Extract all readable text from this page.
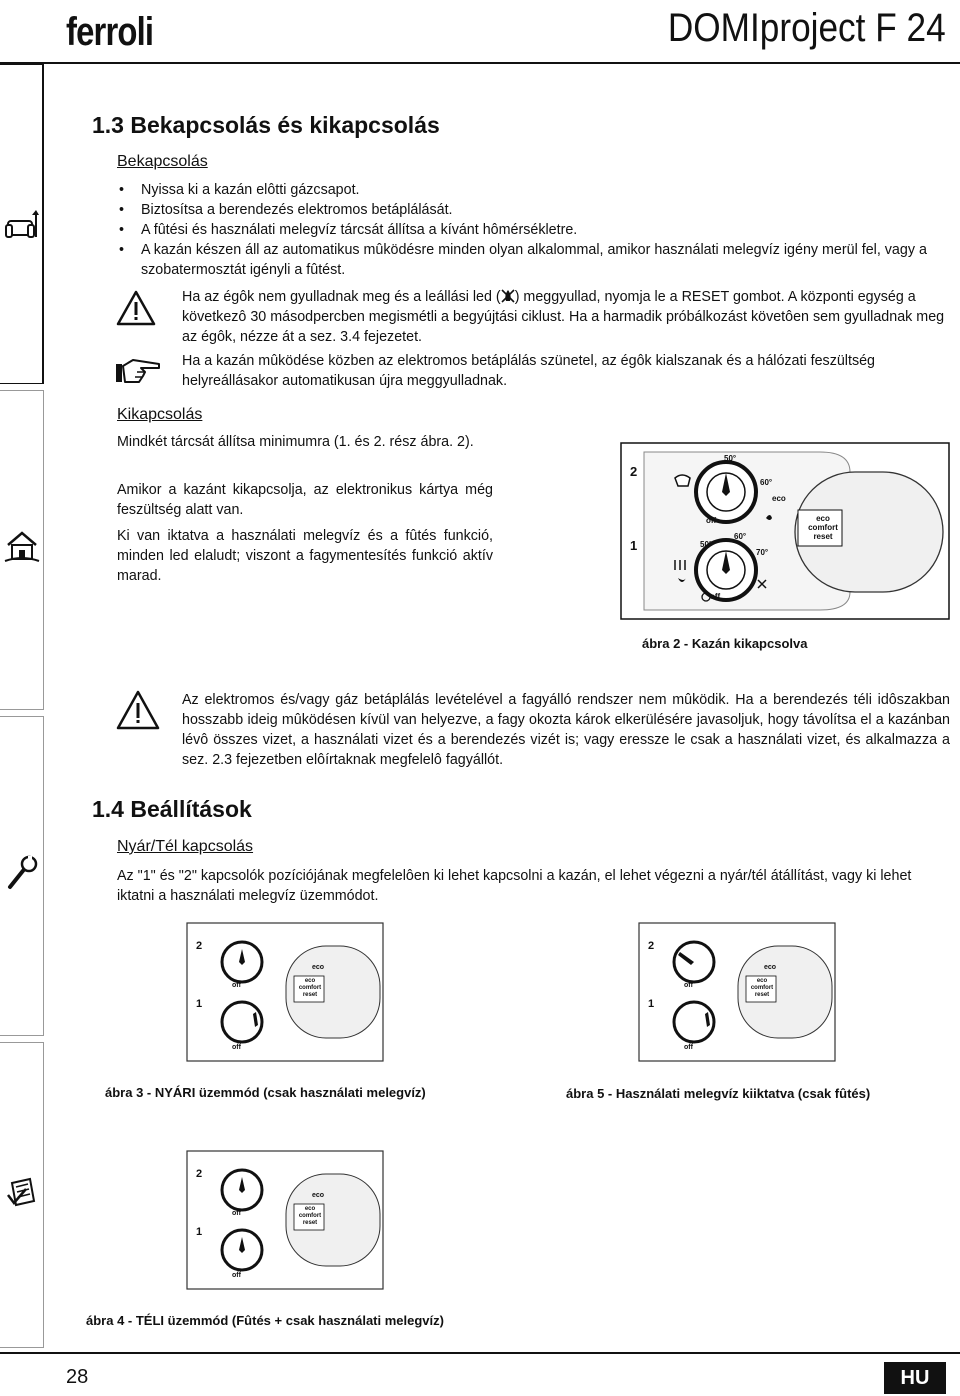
ferroli	DOMIproject F 24
1.3 Bekapcsolás és kikapcsolás
Bekapcsolás
• Nyissa ki a kazán elôtti gázcsapot.
• Biztosítsa a berendezés elektromos betáplálását.
• A fûtési és használati melegvíz tárcsát állítsa a kívánt hômérsékletre.
• A kazán készen áll az automatikus mûködésre minden olyan alkalommal, amikor használati melegvíz igény merül fel, vagy a szobatermosztát igényli a fûtést.
Ha az égôk nem gyulladnak meg és a leállási led ( ) meggyullad, nyomja le a RESET gombot. A központi egység a következô 30 másodpercben megismétli a begyújtási ciklust. Ha a harmadik próbálkozást követôen sem gyulladnak meg az égôk, nézze át a sez. 3.4 fejezetet.
Ha a kazán mûködése közben az elektromos betáplálás szünetel, az égôk kialszanak és a hálózati feszültség helyreállásakor automatikusan újra meggyulladnak.
Kikapcsolás
Mindkét tárcsát állítsa minimumra (1. és 2. rész ábra. 2).
Amikor a kazánt kikapcsolja, az elektronikus kártya még feszültség alatt van.
Ki van iktatva a használati melegvíz és a fûtés funkció, minden led elaludt; viszont a fagymentesítés funkció aktív marad.
2
1
50°
60°
off
50°
60°
70°
off
eco
eco
comfort
reset
ábra 2 - Kazán kikapcsolva
Az elektromos és/vagy gáz betáplálás levételével a fagyálló rendszer nem mûködik. Ha a berendezés téli idôszakban hosszabb ideig mûködésen kívül van helyezve, a fagy okozta károk elkerülésére javasoljuk, hogy távolítsa el a kazánban lévô összes vizet, a használati vizet és a berendezés vizét is; vagy eressze le csak a használati vizet, és alkalmazza a sez. 2.3 fejezetben elôírtaknak megfelelô fagyállót.
1.4 Beállítások
Nyár/Tél kapcsolás
Az "1" és "2" kapcsolók pozíciójának megfelelôen ki lehet kapcsolni a kazán, el lehet végezni a nyár/tél átállítást, vagy ki lehet iktatni a használati melegvíz üzemmódot.
2
1
off
off
eco
eco
comfort
reset
ábra 3 - NYÁRI üzemmód (csak használati melegvíz)
2
1
off
off
eco
eco
comfort
reset
ábra 5 - Használati melegvíz kiiktatva (csak fûtés)
2
1
off
off
eco
eco
comfort
reset
ábra 4 - TÉLI üzemmód (Fûtés + csak használati melegvíz)
28	HU
